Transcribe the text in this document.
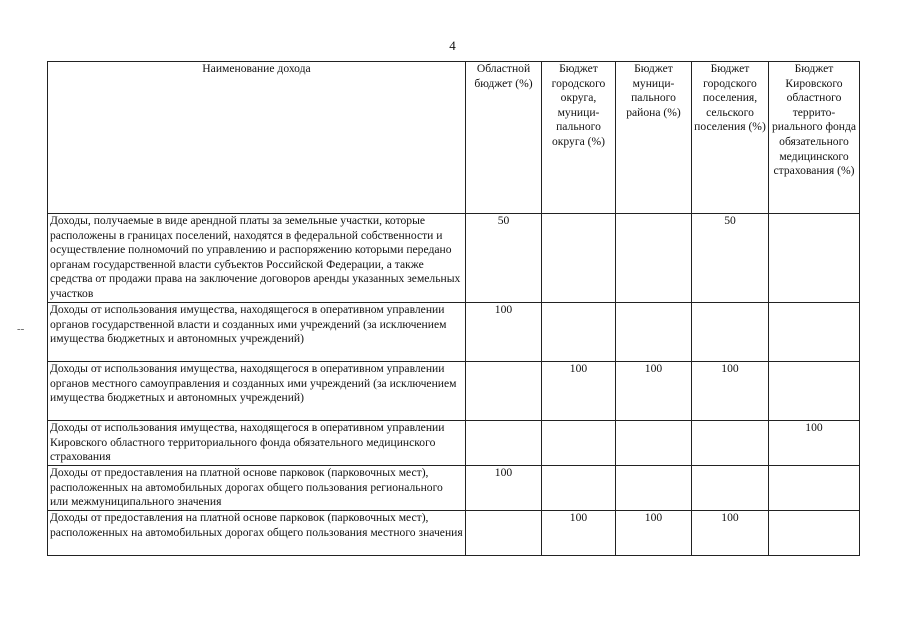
4
--
Наименование дохода	Областной бюджет (%)	Бюджет городского округа, муници-пального округа (%)	Бюджет муници-пального района (%)	Бюджет городского поселения, сельского поселения (%)	Бюджет Кировского областного террито-риального фонда обязательного медицинского страхования (%)
Доходы, получаемые в виде арендной платы за земельные участки, которые расположены в границах поселений, находятся в федеральной собственности и осуществление полномочий по управлению и распоряжению которыми передано органам государственной власти субъектов Российской Федерации, а также средства от продажи права на заключение договоров аренды указанных земельных участков	50			50	
Доходы от использования имущества, находящегося в оперативном управлении органов государственной власти и созданных ими учреждений (за исключением имущества бюджетных и автономных учреждений)	100				
Доходы от использования имущества, находящегося в оперативном управлении органов местного самоуправления и созданных ими учреждений (за исключением имущества бюджетных и автономных учреждений)		100	100	100	
Доходы от использования имущества, находящегося в оперативном управлении Кировского областного территориального фонда обязательного медицинского страхования					100
Доходы от предоставления на платной основе парковок (парковочных мест), расположенных на автомобильных дорогах общего пользования регионального или межмуниципального значения	100				
Доходы от предоставления на платной основе парковок (парковочных мест), расположенных на автомобильных дорогах общего пользования местного значения		100	100	100	
